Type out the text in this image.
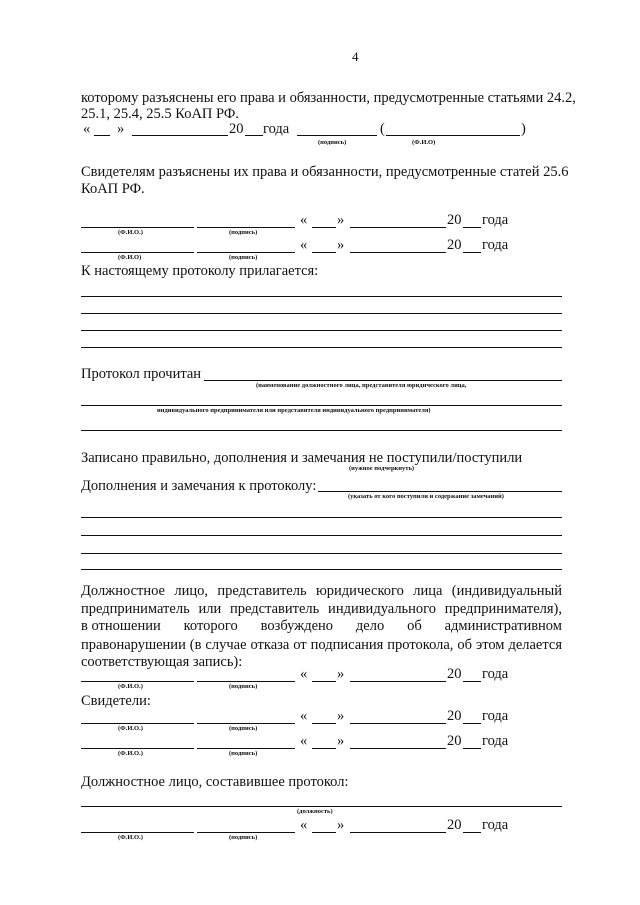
4
которому разъяснены его права и обязанности, предусмотренные статьями 24.2,
25.1, 25.4, 25.5 КоАП РФ.
« »	20 года	(	)
(подпись)	(Ф.И.О)
Свидетелям разъяснены их права и обязанности, предусмотренные статей 25.6
КоАП РФ.
« »	20 года
(Ф.И.О.)	(подпись)
« »	20 года
(Ф.И.О)	(подпись)
К настоящему протоколу прилагается:
Протокол прочитан
(наименование должностного лица, представителя юридического лица,
индивидуального предпринимателя или представителя индивидуального предпринимателя)
Записано правильно, дополнения и замечания не поступили/поступили
(нужное подчеркнуть)
Дополнения и замечания к протоколу:
(указать от кого поступили и содержание замечаний)
Должностное лицо, представитель юридического лица (индивидуальный
предприниматель или представитель индивидуального предпринимателя),
в отношении которого возбуждено дело об административном
правонарушении (в случае отказа от подписания протокола, об этом делается
соответствующая запись):
« »	20 года
(Ф.И.О.)	(подпись)
Свидетели:
« »	20 года
(Ф.И.О.)	(подпись)
« »	20 года
(Ф.И.О.)	(подпись)
Должностное лицо, составившее протокол:
(должность)
« »	20 года
(Ф.И.О.)	(подпись)
